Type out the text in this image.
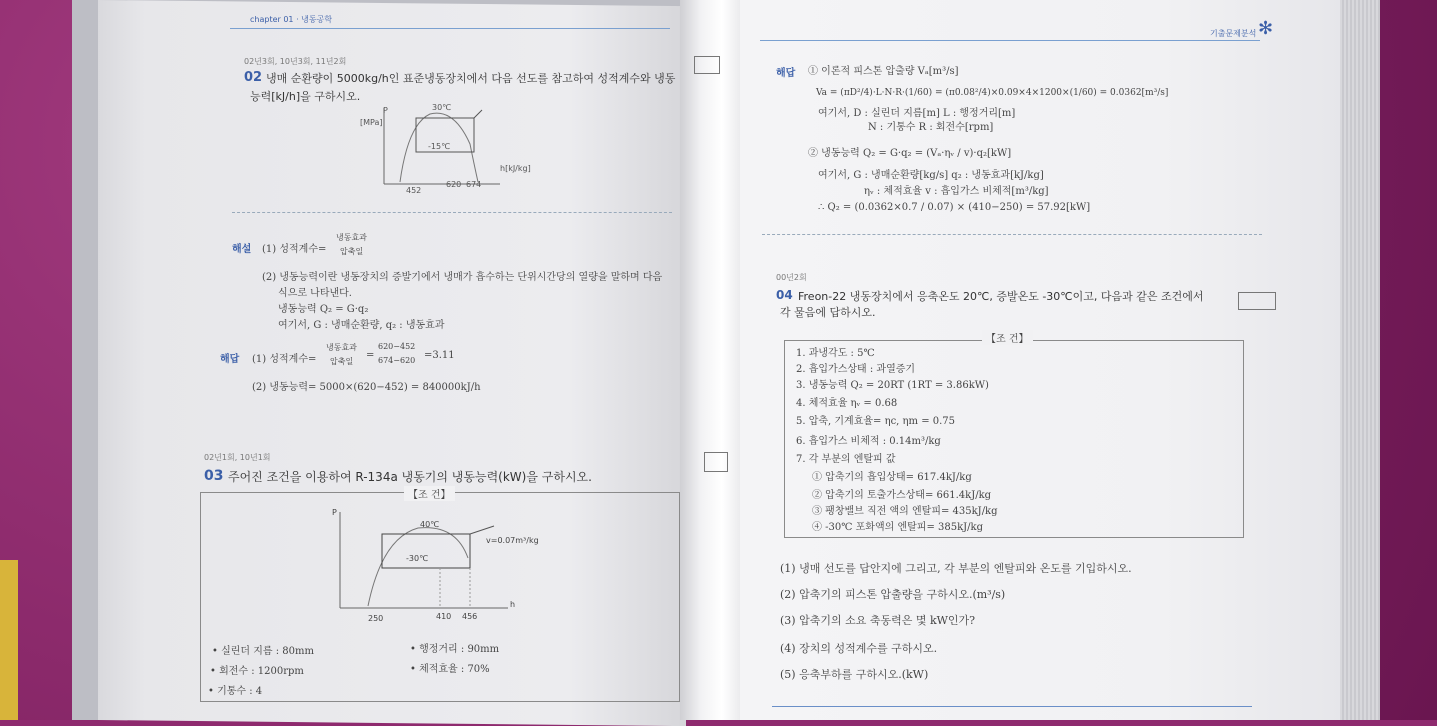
chapter 01 · 냉동공학
02년3회, 10년3회, 11년2회
02 냉매 순환량이 5000kg/h인 표준냉동장치에서 다음 선도를 참고하여 성적계수와 냉동
능력[kJ/h]을 구하시오.
P
[MPa]
30℃
-15℃
h[kJ/kg]
452
620 674
해설 (1) 성적계수=
냉동효과
압축일
(2) 냉동능력이란 냉동장치의 증발기에서 냉매가 흡수하는 단위시간당의 열량을 말하며 다음
식으로 나타낸다.
냉동능력 Q₂ = G·q₂
여기서, G : 냉매순환량, q₂ : 냉동효과
해답 (1) 성적계수=
냉동효과
압축일
=
620−452
674−620 =3.11
(2) 냉동능력= 5000×(620−452) = 840000kJ/h
02년1회, 10년1회
03 주어진 조건을 이용하여 R-134a 냉동기의 냉동능력(kW)을 구하시오.
【조 건】
P
40℃
-30℃
v=0.07m³/kg
h
250	410 456
• 실린더 지름 : 80mm
• 회전수 : 1200rpm
• 기통수 : 4
• 행정거리 : 90mm
• 체적효율 : 70%
기출문제분석 ✻
해답 ① 이론적 피스톤 압출량 Vₐ[m³/s]
Va = (πD²/4)·L·N·R·(1/60) = (π0.08²/4)×0.09×4×1200×(1/60) = 0.0362[m³/s]
여기서, D : 실린더 지름[m] L : 행정거리[m]
N : 기통수 R : 회전수[rpm]
② 냉동능력 Q₂ = G·q₂ = (Vₐ·ηᵥ / v)·q₂[kW]
여기서, G : 냉매순환량[kg/s] q₂ : 냉동효과[kJ/kg]
ηᵥ : 체적효율 v : 흡입가스 비체적[m³/kg]
∴ Q₂ = (0.0362×0.7 / 0.07) × (410−250) = 57.92[kW]
00년2회
04 Freon-22 냉동장치에서 응축온도 20℃, 증발온도 -30℃이고, 다음과 같은 조건에서
각 물음에 답하시오.
【조 건】
1. 과냉각도 : 5℃
2. 흡입가스상태 : 과열증기
3. 냉동능력 Q₂ = 20RT (1RT = 3.86kW)
4. 체적효율 ηᵥ = 0.68
5. 압축, 기계효율= ηc, ηm = 0.75
6. 흡입가스 비체적 : 0.14m³/kg
7. 각 부분의 엔탈피 값
① 압축기의 흡입상태= 617.4kJ/kg
② 압축기의 토출가스상태= 661.4kJ/kg
③ 팽창밸브 직전 액의 엔탈피= 435kJ/kg
④ -30℃ 포화액의 엔탈피= 385kJ/kg
(1) 냉매 선도를 답안지에 그리고, 각 부분의 엔탈피와 온도를 기입하시오.
(2) 압축기의 피스톤 압출량을 구하시오.(m³/s)
(3) 압축기의 소요 축동력은 몇 kW인가?
(4) 장치의 성적계수를 구하시오.
(5) 응축부하를 구하시오.(kW)
